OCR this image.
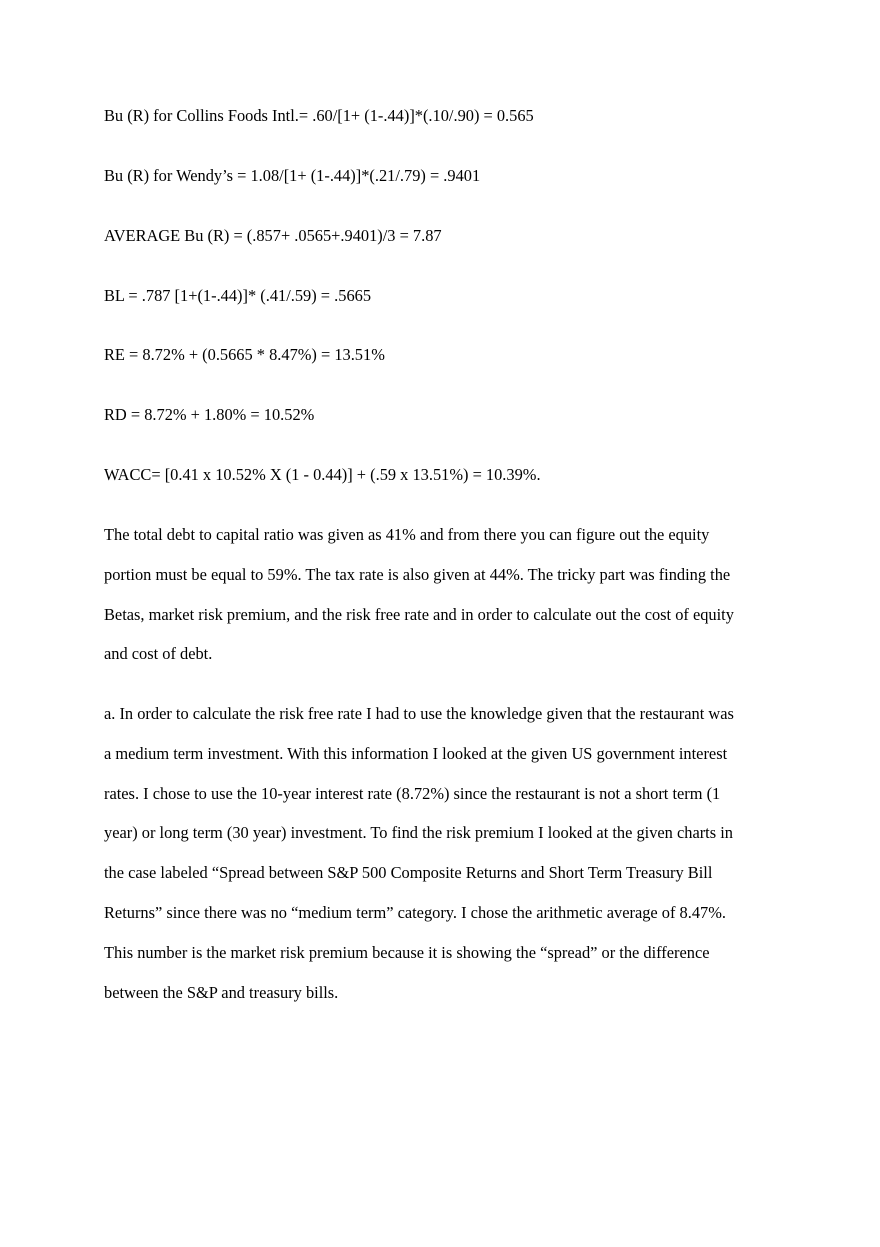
Bu (R) for Collins Foods Intl.= .60/[1+ (1-.44)]*(.10/.90) = 0.565

Bu (R) for Wendy’s = 1.08/[1+ (1-.44)]*(.21/.79) = .9401

AVERAGE Bu (R) = (.857+ .0565+.9401)/3 = 7.87

BL = .787 [1+(1-.44)]* (.41/.59) = .5665

RE = 8.72% + (0.5665 * 8.47%) = 13.51%

RD = 8.72% + 1.80% = 10.52%

WACC= [0.41 x 10.52% X (1 - 0.44)] + (.59 x 13.51%) = 10.39%.

The total debt to capital ratio was given as 41% and from there you can figure out the equity
portion must be equal to 59%. The tax rate is also given at 44%. The tricky part was finding the
Betas, market risk premium, and the risk free rate and in order to calculate out the cost of equity
and cost of debt.
a. In order to calculate the risk free rate I had to use the knowledge given that the restaurant was
a medium term investment. With this information I looked at the given US government interest
rates. I chose to use the 10-year interest rate (8.72%) since the restaurant is not a short term (1
year) or long term (30 year) investment. To find the risk premium I looked at the given charts in
the case labeled “Spread between S&P 500 Composite Returns and Short Term Treasury Bill
Returns” since there was no “medium term” category. I chose the arithmetic average of 8.47%.
This number is the market risk premium because it is showing the “spread” or the difference
between the S&P and treasury bills.
